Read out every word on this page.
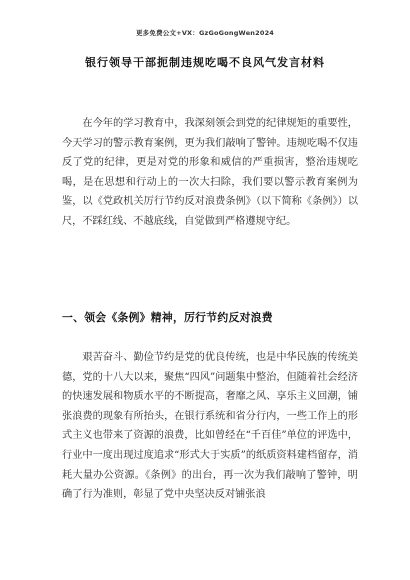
更多免费公文+VX：GzGoGongWen2024
银行领导干部扼制违规吃喝不良风气发言材料

在今年的学习教育中，我深刻领会到党的纪律规矩的重要性，今天学习的警示教育案例，更为我们敲响了警钟。违规吃喝不仅违反了党的纪律，更是对党的形象和威信的严重损害，整治违规吃喝，是在思想和行动上的一次大扫除，我们要以警示教育案例为鉴，以《党政机关厉行节约反对浪费条例》（以下简称《条例》）以尺，不踩红线、不越底线，自觉做到严格遵规守纪。

一、领会《条例》精神，厉行节约反对浪费

艰苦奋斗、勤俭节约是党的优良传统，也是中华民族的传统美德，党的十八大以来，聚焦“四风”问题集中整治，但随着社会经济的快速发展和物质水平的不断提高，奢靡之风、享乐主义回潮，铺张浪费的现象有所抬头，在银行系统和省分行内，一些工作上的形式主义也带来了资源的浪费，比如曾经在“千百佳”单位的评选中，行业中一度出现过度追求“形式大于实质”的纸质资料建档留存，消耗大量办公资源。《条例》的出台，再一次为我们敲响了警钟，明确了行为准则，彰显了党中央坚决反对铺张浪
